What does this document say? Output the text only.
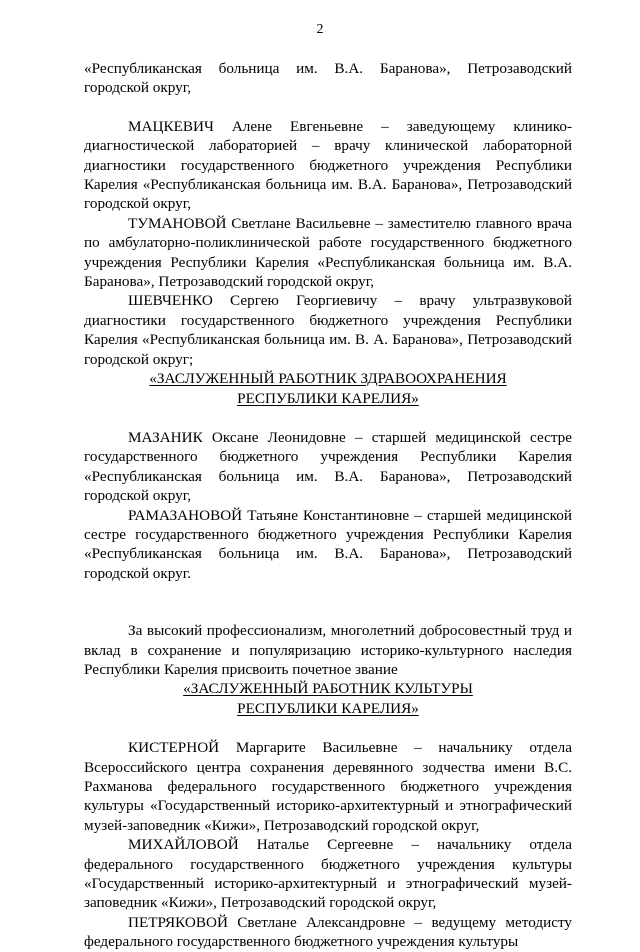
2

«Республиканская больница им. В.А. Баранова», Петрозаводский городской округ,

МАЦКЕВИЧ Алене Евгеньевне – заведующему клинико-диагностической лабораторией – врачу клинической лабораторной диагностики государственного бюджетного учреждения Республики Карелия «Республиканская больница им. В.А. Баранова», Петрозаводский городской округ,

ТУМАНОВОЙ Светлане Васильевне – заместителю главного врача по амбулаторно-поликлинической работе государственного бюджетного учреждения Республики Карелия «Республиканская больница им. В.А. Баранова», Петрозаводский городской округ,

ШЕВЧЕНКО Сергею Георгиевичу – врачу ультразвуковой диагностики государственного бюджетного учреждения Республики Карелия «Республиканская больница им. В. А. Баранова», Петрозаводский городской округ;

«ЗАСЛУЖЕННЫЙ РАБОТНИК ЗДРАВООХРАНЕНИЯ
РЕСПУБЛИКИ КАРЕЛИЯ»

МАЗАНИК Оксане Леонидовне – старшей медицинской сестре государственного бюджетного учреждения Республики Карелия «Республиканская больница им. В.А. Баранова», Петрозаводский городской округ,

РАМАЗАНОВОЙ Татьяне Константиновне – старшей медицинской сестре государственного бюджетного учреждения Республики Карелия «Республиканская больница им. В.А. Баранова», Петрозаводский городской округ.

За высокий профессионализм, многолетний добросовестный труд и вклад в сохранение и популяризацию историко-культурного наследия Республики Карелия присвоить почетное звание

«ЗАСЛУЖЕННЫЙ РАБОТНИК КУЛЬТУРЫ
РЕСПУБЛИКИ КАРЕЛИЯ»

КИСТЕРНОЙ Маргарите Васильевне – начальнику отдела Всероссийского центра сохранения деревянного зодчества имени В.С. Рахманова федерального государственного бюджетного учреждения культуры «Государственный историко-архитектурный и этнографический музей-заповедник «Кижи», Петрозаводский городской округ,

МИХАЙЛОВОЙ Наталье Сергеевне – начальнику отдела федерального государственного бюджетного учреждения культуры «Государственный историко-архитектурный и этнографический музей-заповедник «Кижи», Петрозаводский городской округ,

ПЕТРЯКОВОЙ Светлане Александровне – ведущему методисту федерального государственного бюджетного учреждения культуры
